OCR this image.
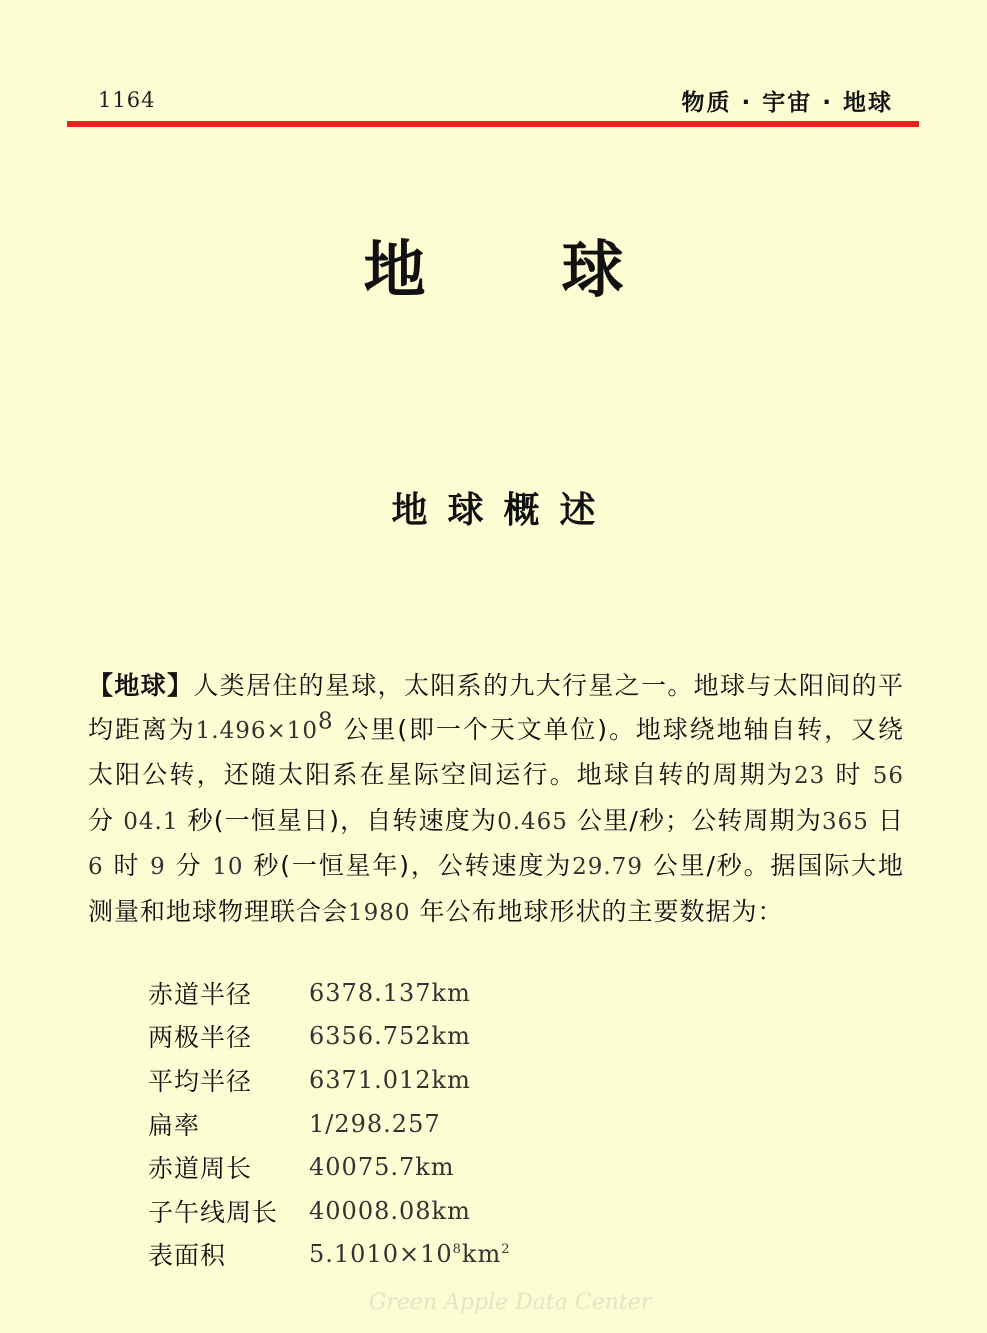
1164	物质 · 宇宙 · 地球
地球
地球概述

【地球】人类居住的星球，太阳系的九大行星之一。地球与太阳间的平均距离为$1.496\times 10^8$ 公里(即一个天文单位)。地球绕地轴自转，又绕太阳公转，还随太阳系在星际空间运行。地球自转的周期为23 时 56 分 04.1 秒(一恒星日)，自转速度为0.465 公里/秒；公转周期为365 日 6 时 9 分 10 秒(一恒星年)，公转速度为29.79 公里/秒。据国际大地测量和地球物理联合会1980 年公布地球形状的主要数据为：

赤道半径	6378.137km
两极半径	6356.752km
平均半径	6371.012km
扁率	1/298.257
赤道周长	40075.7km
子午线周长	40008.08km
表面积	$5.1010\times 10^8km^2$
Green Apple Data Center
